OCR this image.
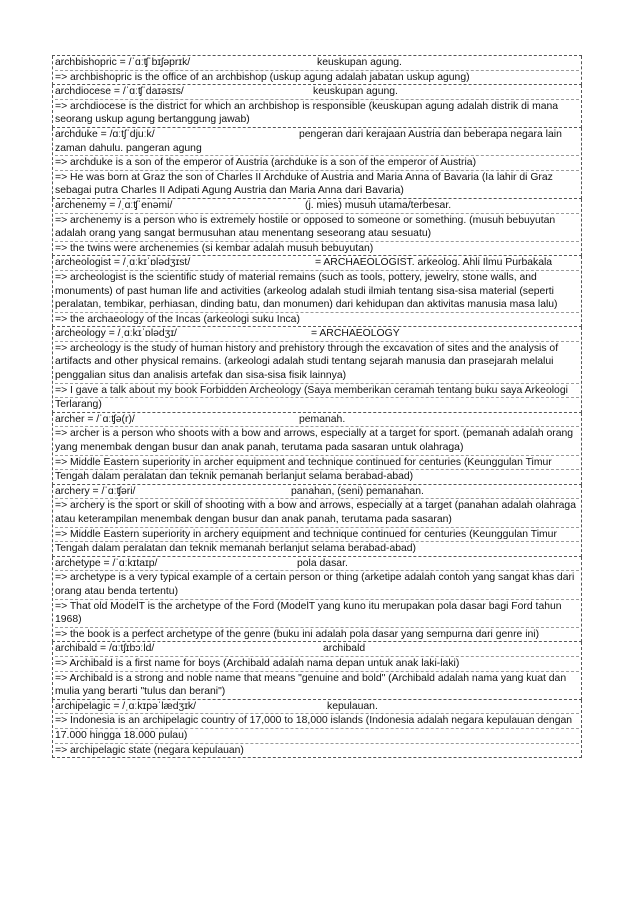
archbishopric = /ˈɑːʧˈbɪʃəprɪk/	keuskupan agung.
=> archbishopric is the office of an archbishop (uskup agung adalah jabatan uskup agung)
archdiocese = /ˈɑːʧˈdaɪəsɪs/	keuskupan agung.
=> archdiocese is the district for which an archbishop is responsible (keuskupan agung adalah distrik di mana seorang uskup agung bertanggung jawab)
archduke = /ɑːtʃˈdjuːk/	pengeran dari kerajaan Austria dan beberapa negara lain zaman dahulu. pangeran agung
=> archduke is a son of the emperor of Austria (archduke is a son of the emperor of Austria)
=> He was born at Graz the son of Charles II Archduke of Austria and Maria Anna of Bavaria (Ia lahir di Graz sebagai putra Charles II Adipati Agung Austria dan Maria Anna dari Bavaria)
archenemy = /ˌɑːʧˈenəmi/	(j. mies) musuh utama/terbesar.
=> archenemy is a person who is extremely hostile or opposed to someone or something. (musuh bebuyutan adalah orang yang sangat bermusuhan atau menentang seseorang atau sesuatu)
=> the twins were archenemies (si kembar adalah musuh bebuyutan)
archeologist = /ˌɑːkɪˈɒlədʒɪst/	= ARCHAEOLOGIST. arkeolog. Ahli Ilmu Purbakala
=> archeologist is the scientific study of material remains (such as tools, pottery, jewelry, stone walls, and monuments) of past human life and activities (arkeolog adalah studi ilmiah tentang sisa-sisa material (seperti peralatan, tembikar, perhiasan, dinding batu, dan monumen) dari kehidupan dan aktivitas manusia masa lalu)
=> the archaeology of the Incas (arkeologi suku Inca)
archeology = /ˌɑːkɪˈɒlədʒɪ/	= ARCHAEOLOGY
=> archeology is the study of human history and prehistory through the excavation of sites and the analysis of artifacts and other physical remains. (arkeologi adalah studi tentang sejarah manusia dan prasejarah melalui penggalian situs dan analisis artefak dan sisa-sisa fisik lainnya)
=> I gave a talk about my book Forbidden Archeology (Saya memberikan ceramah tentang buku saya Arkeologi
Terlarang)
archer = /ˈɑːʧə(r)/	pemanah.
=> archer is a person who shoots with a bow and arrows, especially at a target for sport. (pemanah adalah orang yang menembak dengan busur dan anak panah, terutama pada sasaran untuk olahraga)
=> Middle Eastern superiority in archer equipment and technique continued for centuries (Keunggulan Timur
Tengah dalam peralatan dan teknik pemanah berlanjut selama berabad-abad)
archery = /ˈɑːʧəri/	panahan, (seni) pemanahan.
=> archery is the sport or skill of shooting with a bow and arrows, especially at a target (panahan adalah olahraga atau keterampilan menembak dengan busur dan anak panah, terutama pada sasaran)
=> Middle Eastern superiority in archery equipment and technique continued for centuries (Keunggulan Timur
Tengah dalam peralatan dan teknik memanah berlanjut selama berabad-abad)
archetype = /ˈɑːkɪtaɪp/	pola dasar.
=> archetype is a very typical example of a certain person or thing (arketipe adalah contoh yang sangat khas dari orang atau benda tertentu)
=> That old ModelT is the archetype of the Ford (ModelT yang kuno itu merupakan pola dasar bagi Ford tahun 1968)
=> the book is a perfect archetype of the genre (buku ini adalah pola dasar yang sempurna dari genre ini)
archibald = /ɑːtʃɪbɔːld/	archibald
=> Archibald is a first name for boys (Archibald adalah nama depan untuk anak laki-laki)
=> Archibald is a strong and noble name that means "genuine and bold" (Archibald adalah nama yang kuat dan mulia yang berarti "tulus dan berani")
archipelagic = /ˌɑːkɪpəˈlædʒɪk/	kepulauan.
=> Indonesia is an archipelagic country of 17,000 to 18,000 islands (Indonesia adalah negara kepulauan dengan
17.000 hingga 18.000 pulau)
=> archipelagic state (negara kepulauan)
